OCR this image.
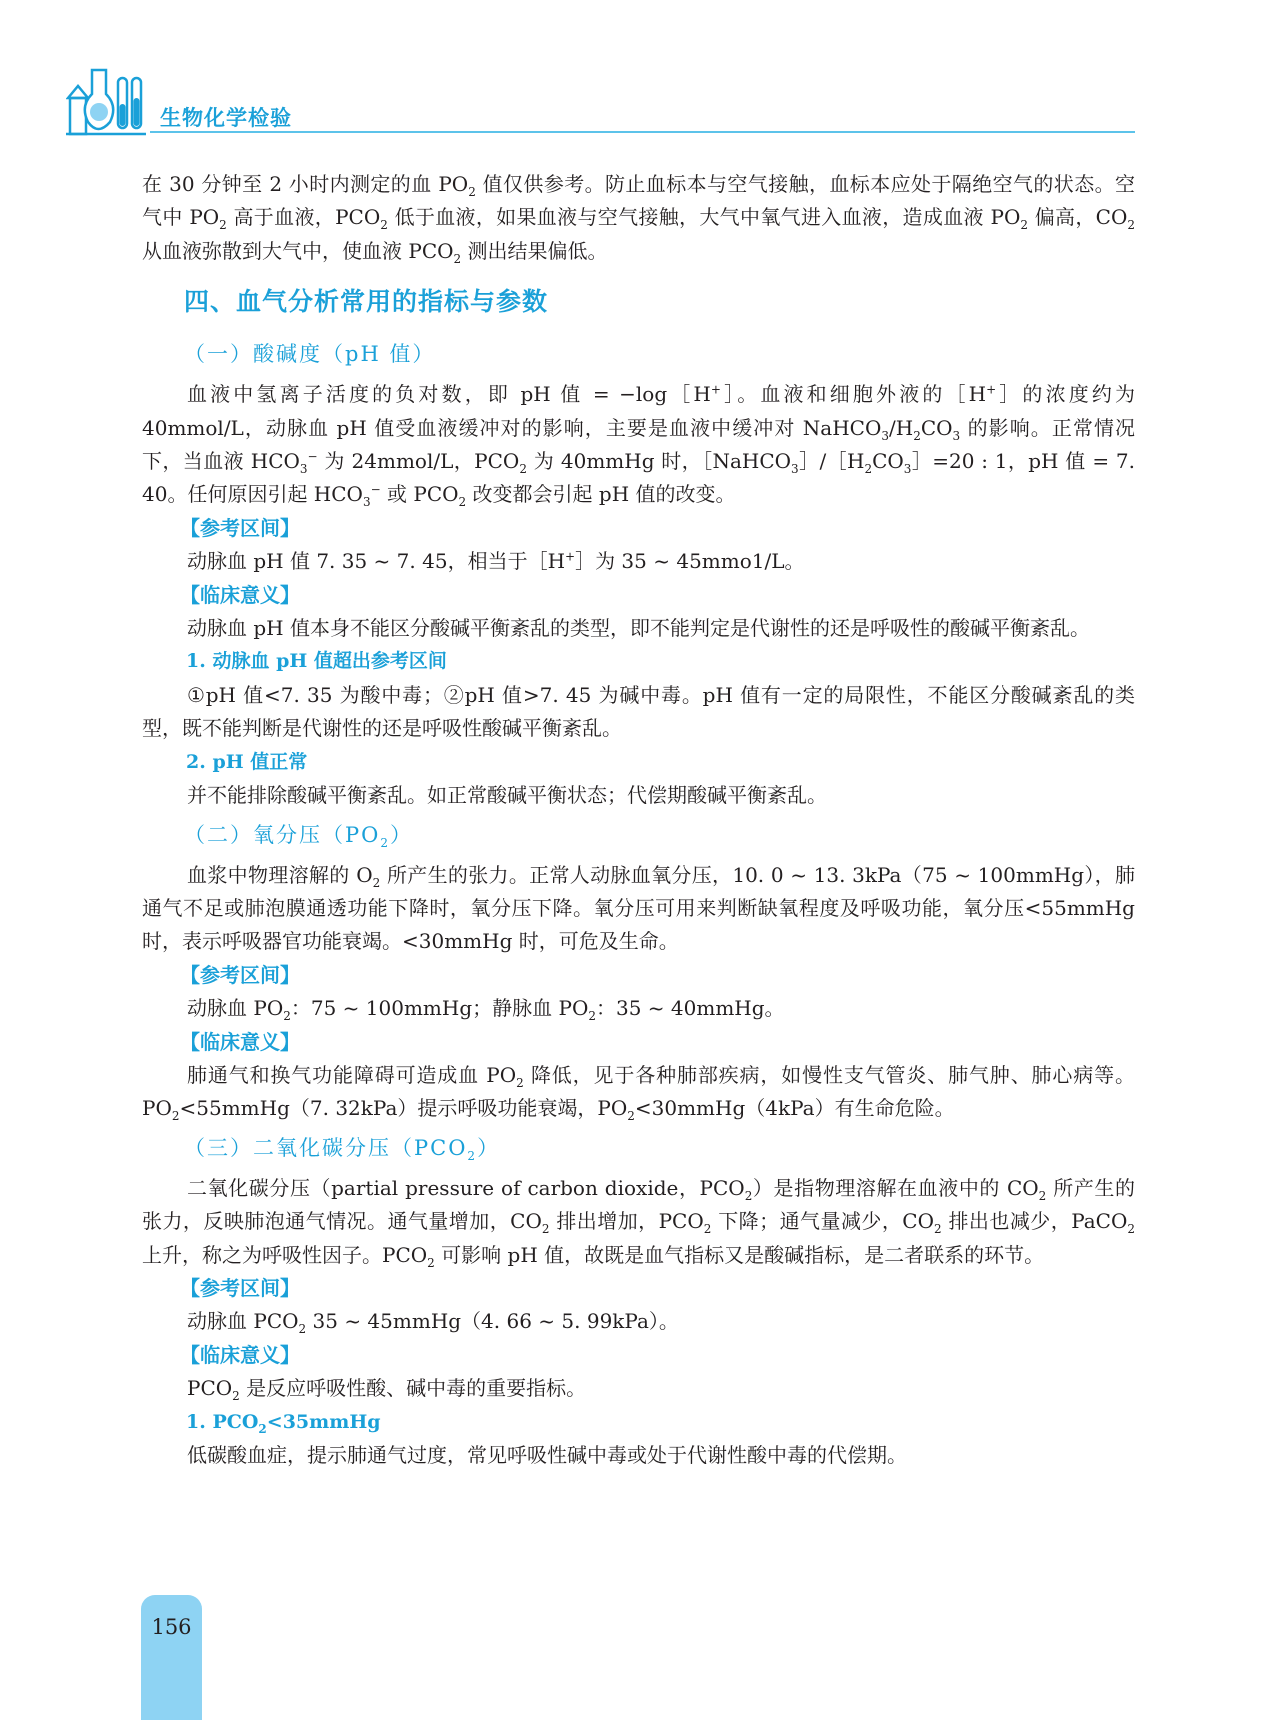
生物化学检验

在 30 分钟至 2 小时内测定的血 $PO_2$ 值仅供参考。防止血标本与空气接触，血标本应处于隔绝空气的状态。空气中 $PO_2$ 高于血液，$PCO_2$ 低于血液，如果血液与空气接触，大气中氧气进入血液，造成血液 $PO_2$ 偏高，$CO_2$ 从血液弥散到大气中，使血液 $PCO_2$ 测出结果偏低。

四、血气分析常用的指标与参数
（一）酸碱度（pH 值）

血液中氢离子活度的负对数，即 pH 值 = −log［H+］。血液和细胞外液的［H+］的浓度约为 40mmol/L，动脉血 pH 值受血液缓冲对的影响，主要是血液中缓冲对 $NaHCO_3/H_2CO_3$ 的影响。正常情况下，当血液 $HCO_3^-$ 为 24mmol/L，$PCO_2$ 为 40mmHg 时，$[NaHCO_3]/[H_2CO_3]=20$ : 1，pH 值 = 7. 40。任何原因引起 $HCO_3^-$ 或 $PCO_2$ 改变都会引起 pH 值的改变。

【参考区间】

动脉血 pH 值 7. 35 ~ 7. 45，相当于［H+］为 35 ~ 45mmo1/L。

【临床意义】

动脉血 pH 值本身不能区分酸碱平衡紊乱的类型，即不能判定是代谢性的还是呼吸性的酸碱平衡紊乱。

1. 动脉血 pH 值超出参考区间

①pH 值<7. 35 为酸中毒；②pH 值>7. 45 为碱中毒。pH 值有一定的局限性，不能区分酸碱紊乱的类型，既不能判断是代谢性的还是呼吸性酸碱平衡紊乱。

2. pH 值正常

并不能排除酸碱平衡紊乱。如正常酸碱平衡状态；代偿期酸碱平衡紊乱。

（二）氧分压$(PO_2)$

血浆中物理溶解的 $O_2$ 所产生的张力。正常人动脉血氧分压，10. 0 ~ 13. 3kPa（75 ~ 100mmHg），肺通气不足或肺泡膜通透功能下降时，氧分压下降。氧分压可用来判断缺氧程度及呼吸功能，氧分压<55mmHg 时，表示呼吸器官功能衰竭。<30mmHg 时，可危及生命。

【参考区间】

动脉血 $PO_2$：75 ~ 100mmHg；静脉血 $PO_2$：35 ~ 40mmHg。

【临床意义】

肺通气和换气功能障碍可造成血 $PO_2$ 降低，见于各种肺部疾病，如慢性支气管炎、肺气肿、肺心病等。$PO_2<55mmHg(7$. 32kPa）提示呼吸功能衰竭，$PO_2<30mmHg(4kPa)$有生命危险。

（三）二氧化碳分压$(PCO_2)$

二氧化碳分压（partial pressure of carbon dioxide，$PCO_2$）是指物理溶解在血液中的 $CO_2$ 所产生的张力，反映肺泡通气情况。通气量增加，$CO_2$ 排出增加，$PCO_2$ 下降；通气量减少，$CO_2$ 排出也减少，PaCO$_2$ 上升，称之为呼吸性因子。$PCO_2$ 可影响 pH 值，故既是血气指标又是酸碱指标，是二者联系的环节。

【参考区间】

动脉血 $PCO_2$ 35 ~ 45mmHg（4. 66 ~ 5. 99kPa）。

【临床意义】

$PCO_2$ 是反应呼吸性酸、碱中毒的重要指标。

1. $PCO_2<35mmHg$

低碳酸血症，提示肺通气过度，常见呼吸性碱中毒或处于代谢性酸中毒的代偿期。

156
